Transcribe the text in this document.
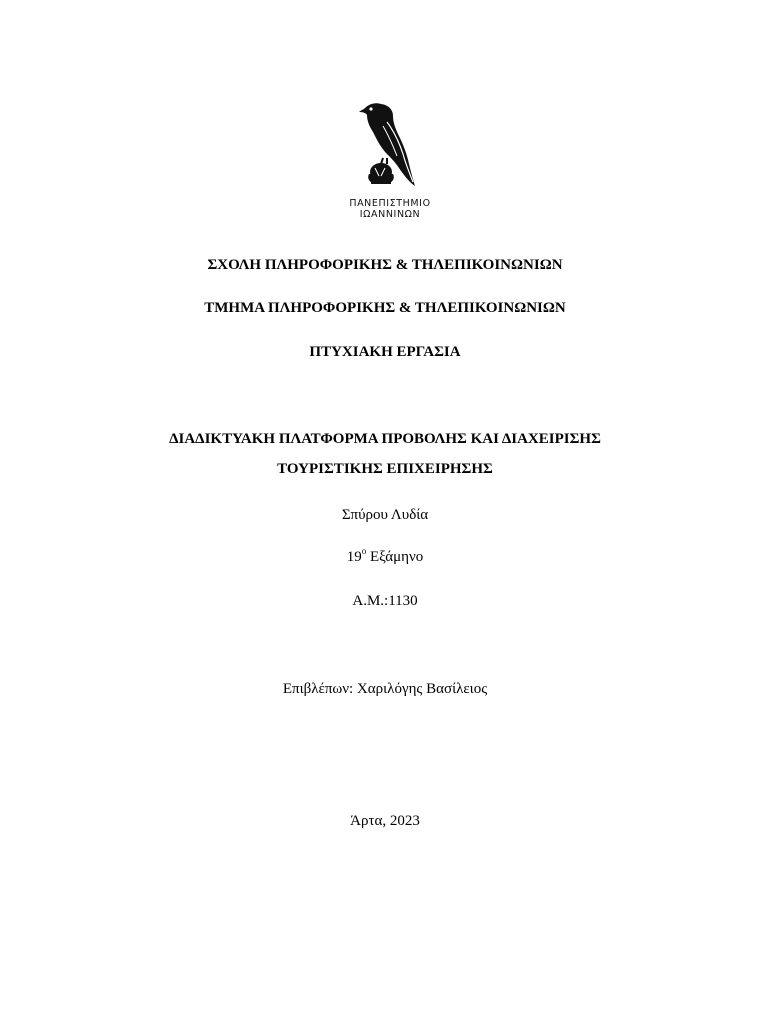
ΠΑΝΕΠΙΣΤΗΜΙΟ
ΙΩΑΝΝΙΝΩΝ
ΣΧΟΛΗ ΠΛΗΡΟΦΟΡΙΚΗΣ & ΤΗΛΕΠΙΚΟΙΝΩΝΙΩΝ
ΤΜΗΜΑ ΠΛΗΡΟΦΟΡΙΚΗΣ & ΤΗΛΕΠΙΚΟΙΝΩΝΙΩΝ
ΠΤΥΧΙΑΚΗ ΕΡΓΑΣΙΑ
ΔΙΑΔΙΚΤΥΑΚΗ ΠΛΑΤΦΟΡΜΑ ΠΡΟΒΟΛΗΣ ΚΑΙ ΔΙΑΧΕΙΡΙΣΗΣ
ΤΟΥΡΙΣΤΙΚΗΣ ΕΠΙΧΕΙΡΗΣΗΣ
Σπύρου Λυδία
$19^o$ Εξάμηνο
Α.Μ.:1130
Επιβλέπων: Χαριλόγης Βασίλειος
Άρτα, 2023
